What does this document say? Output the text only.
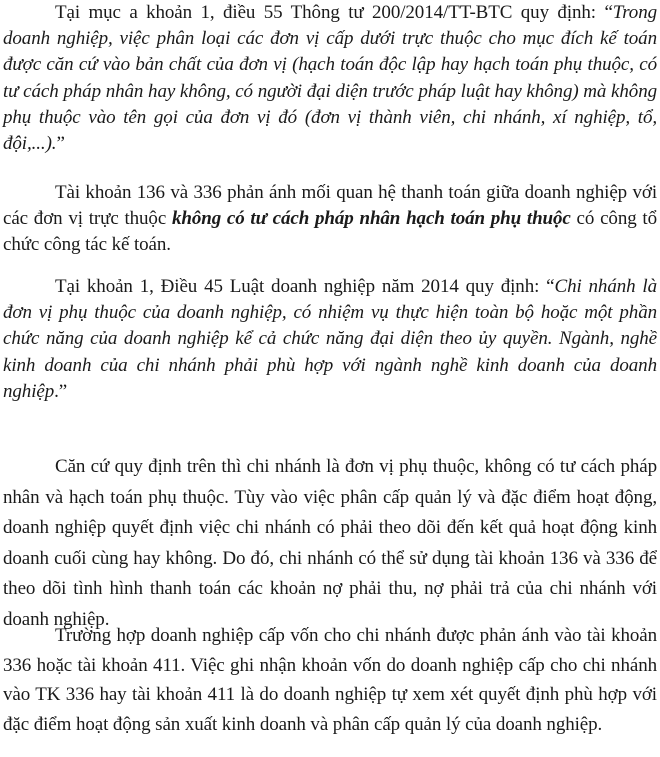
Tại mục a khoản 1, điều 55 Thông tư 200/2014/TT-BTC quy định: “Trong doanh nghiệp, việc phân loại các đơn vị cấp dưới trực thuộc cho mục đích kế toán được căn cứ vào bản chất của đơn vị (hạch toán độc lập hay hạch toán phụ thuộc, có tư cách pháp nhân hay không, có người đại diện trước pháp luật hay không) mà không phụ thuộc vào tên gọi của đơn vị đó (đơn vị thành viên, chi nhánh, xí nghiệp, tổ, đội,...).”

Tài khoản 136 và 336 phản ánh mối quan hệ thanh toán giữa doanh nghiệp với các đơn vị trực thuộc không có tư cách pháp nhân hạch toán phụ thuộc có công tổ chức công tác kế toán.

Tại khoản 1, Điều 45 Luật doanh nghiệp năm 2014 quy định: “Chi nhánh là đơn vị phụ thuộc của doanh nghiệp, có nhiệm vụ thực hiện toàn bộ hoặc một phần chức năng của doanh nghiệp kể cả chức năng đại diện theo ủy quyền. Ngành, nghề kinh doanh của chi nhánh phải phù hợp với ngành nghề kinh doanh của doanh nghiệp.”

Căn cứ quy định trên thì chi nhánh là đơn vị phụ thuộc, không có tư cách pháp nhân và hạch toán phụ thuộc. Tùy vào việc phân cấp quản lý và đặc điểm hoạt động, doanh nghiệp quyết định việc chi nhánh có phải theo dõi đến kết quả hoạt động kinh doanh cuối cùng hay không. Do đó, chi nhánh có thể sử dụng tài khoản 136 và 336 để theo dõi tình hình thanh toán các khoản nợ phải thu, nợ phải trả của chi nhánh với doanh nghiệp.

Trường hợp doanh nghiệp cấp vốn cho chi nhánh được phản ánh vào tài khoản 336 hoặc tài khoản 411. Việc ghi nhận khoản vốn do doanh nghiệp cấp cho chi nhánh vào TK 336 hay tài khoản 411 là do doanh nghiệp tự xem xét quyết định phù hợp với đặc điểm hoạt động sản xuất kinh doanh và phân cấp quản lý của doanh nghiệp.
